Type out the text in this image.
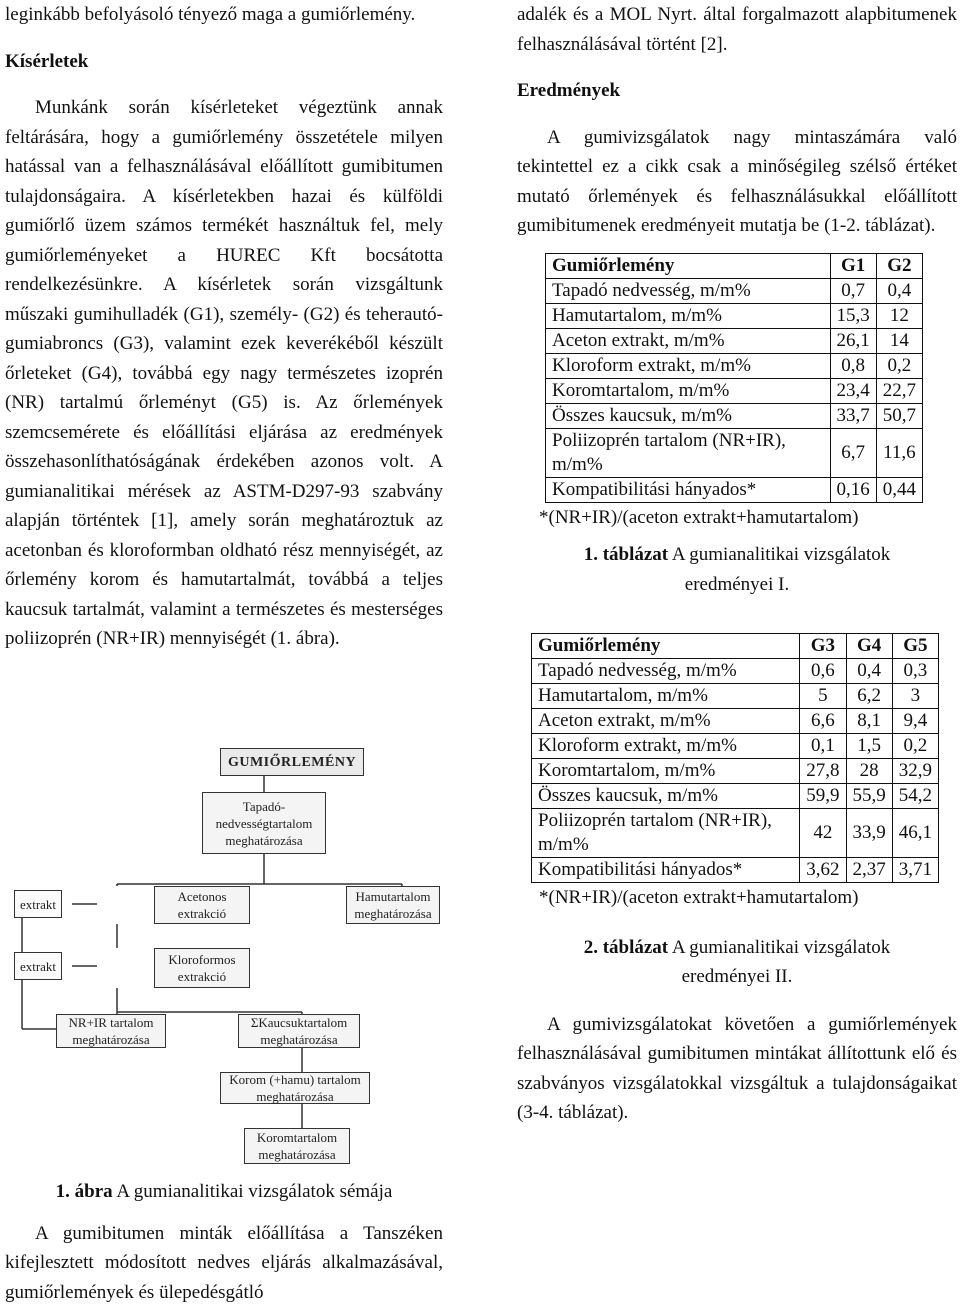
leginkább befolyásoló tényező maga a gumiőrlemény.

Kísérletek

Munkánk során kísérleteket végeztünk annak feltárására, hogy a gumiőrlemény összetétele milyen hatással van a felhasználásával előállított gumibitumen tulajdonságaira. A kísérletekben hazai és külföldi gumiőrlő üzem számos termékét használtuk fel, mely gumiőrleményeket a HUREC Kft bocsátotta rendelkezésünkre. A kísérletek során vizsgáltunk műszaki gumihulladék (G1), személy- (G2) és teherautó-gumiabroncs (G3), valamint ezek keverékéből készült őrleteket (G4), továbbá egy nagy természetes izoprén (NR) tartalmú őrleményt (G5) is. Az őrlemények szemcsemérete és előállítási eljárása az eredmények összehasonlíthatóságának érdekében azonos volt. A gumianalitikai mérések az ASTM-D297-93 szabvány alapján történtek [1], amely során meghatároztuk az acetonban és kloroformban oldható rész mennyiségét, az őrlemény korom és hamutartalmát, továbbá a teljes kaucsuk tartalmát, valamint a természetes és mesterséges poliizoprén (NR+IR) mennyiségét (1. ábra).

GUMIŐRLEMÉNY
Tapadó-
nedvességtartalom
meghatározása
Acetonos
extrakció
Hamutartalom
meghatározása
Kloroformos
extrakció
extrakt
extrakt
NR+IR tartalom
meghatározása
ΣKaucsuktartalom
meghatározása
Korom (+hamu) tartalom
meghatározása
Koromtartalom
meghatározása

1. ábra A gumianalitikai vizsgálatok sémája

A gumibitumen minták előállítása a Tanszéken kifejlesztett módosított nedves eljárás alkalmazásával, gumiőrlemények és ülepedésgátló

adalék és a MOL Nyrt. által forgalmazott alapbitumenek felhasználásával történt [2].

Eredmények

A gumivizsgálatok nagy mintaszámára való tekintettel ez a cikk csak a minőségileg szélső értéket mutató őrlemények és felhasználásukkal előállított gumibitumenek eredményeit mutatja be (1-2. táblázat).

Gumiőrlemény	G1	G2
Tapadó nedvesség, m/m%	0,7	0,4
Hamutartalom, m/m%	15,3	12
Aceton extrakt, m/m%	26,1	14
Kloroform extrakt, m/m%	0,8	0,2
Koromtartalom, m/m%	23,4	22,7
Összes kaucsuk, m/m%	33,7	50,7
Poliizoprén tartalom (NR+IR), m/m%	6,7	11,6
Kompatibilitási hányados*	0,16	0,44
*(NR+IR)/(aceton extrakt+hamutartalom)

1. táblázat A gumianalitikai vizsgálatok eredményei I.

Gumiőrlemény	G3	G4	G5
Tapadó nedvesség, m/m%	0,6	0,4	0,3
Hamutartalom, m/m%	5	6,2	3
Aceton extrakt, m/m%	6,6	8,1	9,4
Kloroform extrakt, m/m%	0,1	1,5	0,2
Koromtartalom, m/m%	27,8	28	32,9
Összes kaucsuk, m/m%	59,9	55,9	54,2
Poliizoprén tartalom (NR+IR), m/m%	42	33,9	46,1
Kompatibilitási hányados*	3,62	2,37	3,71
*(NR+IR)/(aceton extrakt+hamutartalom)

2. táblázat A gumianalitikai vizsgálatok eredményei II.

A gumivizsgálatokat követően a gumiőrlemények felhasználásával gumibitumen mintákat állítottunk elő és szabványos vizsgálatokkal vizsgáltuk a tulajdonságaikat (3-4. táblázat).
